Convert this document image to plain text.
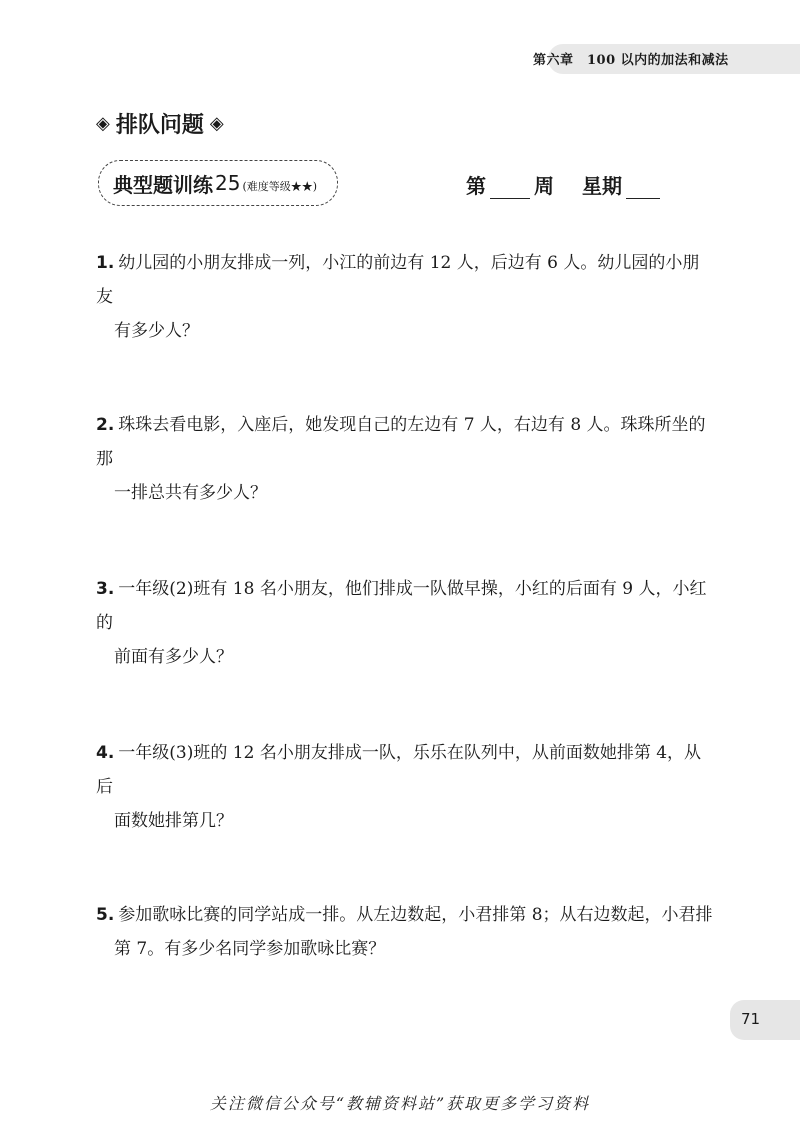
第六章　100 以内的加法和减法
◈ 排队问题 ◈
典型题训练 25 (难度等级★★)	第 周 星期
1. 幼儿园的小朋友排成一列，小江的前边有 12 人，后边有 6 人。幼儿园的小朋友
有多少人？
2. 珠珠去看电影，入座后，她发现自己的左边有 7 人，右边有 8 人。珠珠所坐的那
一排总共有多少人？
3. 一年级(2)班有 18 名小朋友，他们排成一队做早操，小红的后面有 9 人，小红的
前面有多少人？
4. 一年级(3)班的 12 名小朋友排成一队，乐乐在队列中，从前面数她排第 4，从后
面数她排第几？
5. 参加歌咏比赛的同学站成一排。从左边数起，小君排第 8；从右边数起，小君排
第 7。有多少名同学参加歌咏比赛？
71
关注微信公众号“教辅资料站”获取更多学习资料
